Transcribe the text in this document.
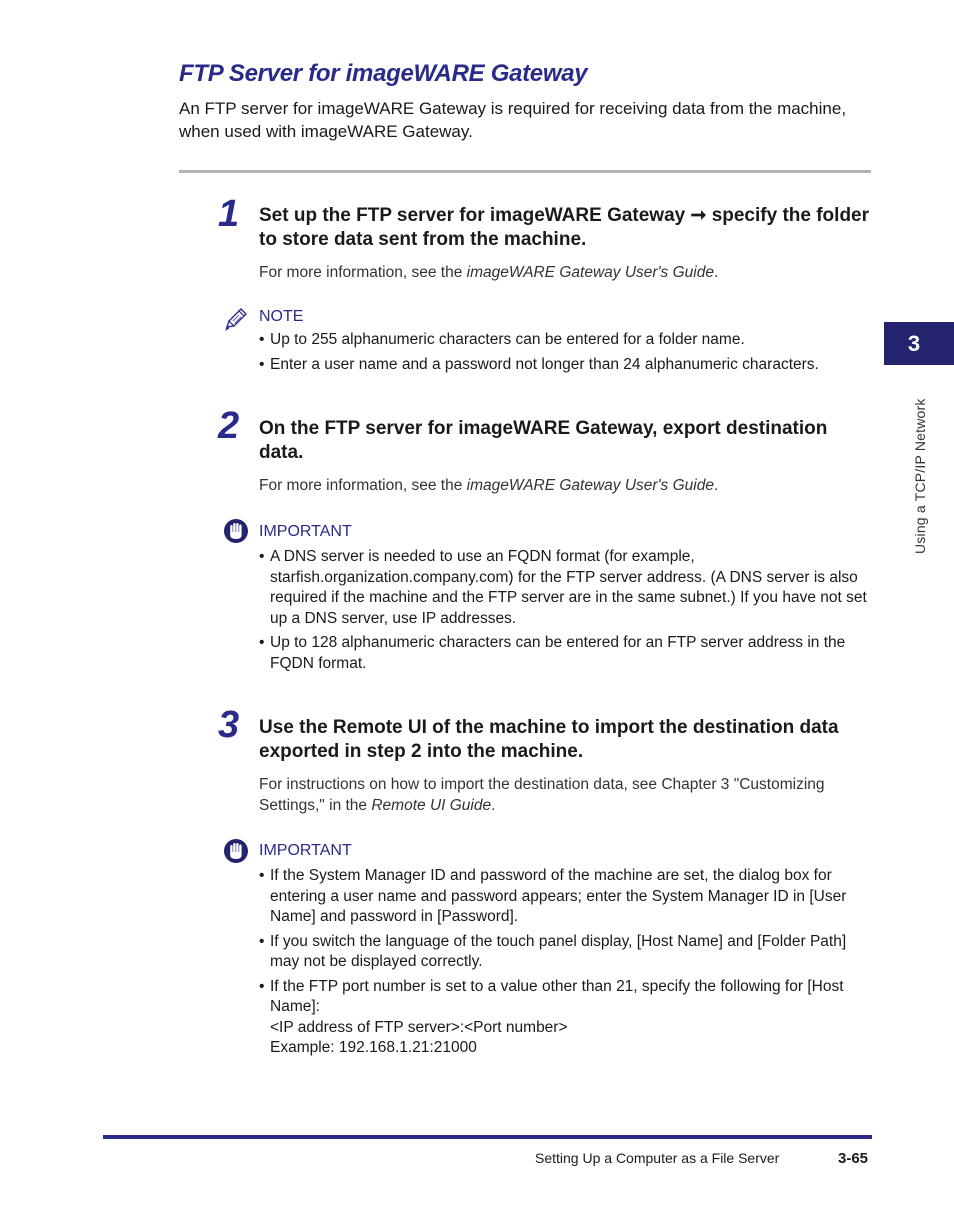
FTP Server for imageWARE Gateway
An FTP server for imageWARE Gateway is required for receiving data from the machine, when used with imageWARE Gateway.
1 Set up the FTP server for imageWARE Gateway ➞ specify the folder to store data sent from the machine.
For more information, see the imageWARE Gateway User's Guide.
NOTE
• Up to 255 alphanumeric characters can be entered for a folder name.
• Enter a user name and a password not longer than 24 alphanumeric characters.
2 On the FTP server for imageWARE Gateway, export destination data.
For more information, see the imageWARE Gateway User's Guide.
IMPORTANT
• A DNS server is needed to use an FQDN format (for example, starfish.organization.company.com) for the FTP server address. (A DNS server is also required if the machine and the FTP server are in the same subnet.) If you have not set up a DNS server, use IP addresses.
• Up to 128 alphanumeric characters can be entered for an FTP server address in the FQDN format.
3 Use the Remote UI of the machine to import the destination data exported in step 2 into the machine.
For instructions on how to import the destination data, see Chapter 3 "Customizing Settings," in the Remote UI Guide.
IMPORTANT
• If the System Manager ID and password of the machine are set, the dialog box for entering a user name and password appears; enter the System Manager ID in [User Name] and password in [Password].
• If you switch the language of the touch panel display, [Host Name] and [Folder Path] may not be displayed correctly.
• If the FTP port number is set to a value other than 21, specify the following for [Host Name]:
<IP address of FTP server>:<Port number>
Example: 192.168.1.21:21000
3
Using a TCP/IP Network
Setting Up a Computer as a File Server	3-65
